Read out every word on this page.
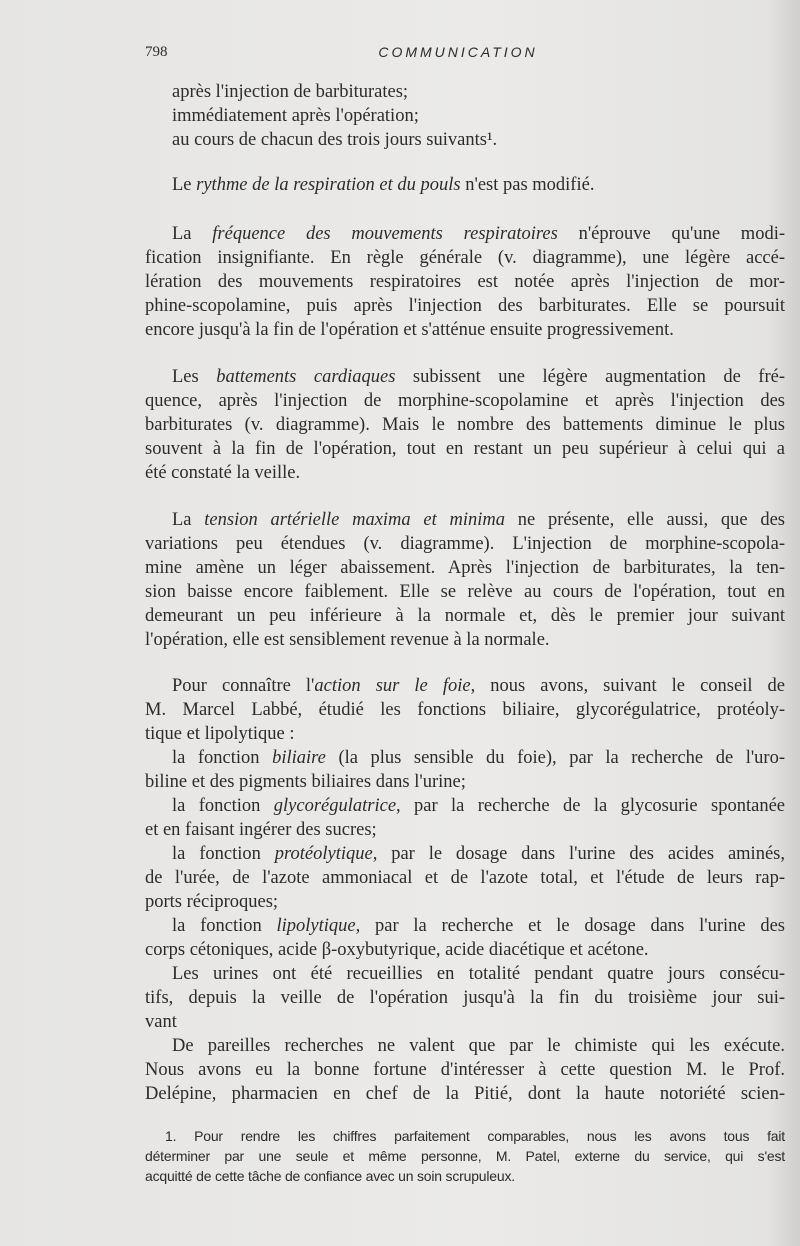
798	COMMUNICATION
après l'injection de barbiturates;
immédiatement après l'opération;
au cours de chacun des trois jours suivants¹.
Le rythme de la respiration et du pouls n'est pas modifié.
La fréquence des mouvements respiratoires n'éprouve qu'une modi-
fication insignifiante. En règle générale (v. diagramme), une légère accé-
lération des mouvements respiratoires est notée après l'injection de mor-
phine-scopolamine, puis après l'injection des barbiturates. Elle se poursuit
encore jusqu'à la fin de l'opération et s'atténue ensuite progressivement.
Les battements cardiaques subissent une légère augmentation de fré-
quence, après l'injection de morphine-scopolamine et après l'injection des
barbiturates (v. diagramme). Mais le nombre des battements diminue le plus
souvent à la fin de l'opération, tout en restant un peu supérieur à celui qui a
été constaté la veille.
La tension artérielle maxima et minima ne présente, elle aussi, que des
variations peu étendues (v. diagramme). L'injection de morphine-scopola-
mine amène un léger abaissement. Après l'injection de barbiturates, la ten-
sion baisse encore faiblement. Elle se relève au cours de l'opération, tout en
demeurant un peu inférieure à la normale et, dès le premier jour suivant
l'opération, elle est sensiblement revenue à la normale.
Pour connaître l'action sur le foie, nous avons, suivant le conseil de
M. Marcel Labbé, étudié les fonctions biliaire, glycorégulatrice, protéoly-
tique et lipolytique :
la fonction biliaire (la plus sensible du foie), par la recherche de l'uro-
biline et des pigments biliaires dans l'urine;
la fonction glycorégulatrice, par la recherche de la glycosurie spontanée
et en faisant ingérer des sucres;
la fonction protéolytique, par le dosage dans l'urine des acides aminés,
de l'urée, de l'azote ammoniacal et de l'azote total, et l'étude de leurs rap-
ports réciproques;
la fonction lipolytique, par la recherche et le dosage dans l'urine des
corps cétoniques, acide β-oxybutyrique, acide diacétique et acétone.
Les urines ont été recueillies en totalité pendant quatre jours consécu-
tifs, depuis la veille de l'opération jusqu'à la fin du troisième jour sui-
vant
De pareilles recherches ne valent que par le chimiste qui les exécute.
Nous avons eu la bonne fortune d'intéresser à cette question M. le Prof.
Delépine, pharmacien en chef de la Pitié, dont la haute notoriété scien-
1. Pour rendre les chiffres parfaitement comparables, nous les avons tous fait
déterminer par une seule et même personne, M. Patel, externe du service, qui s'est
acquitté de cette tâche de confiance avec un soin scrupuleux.
